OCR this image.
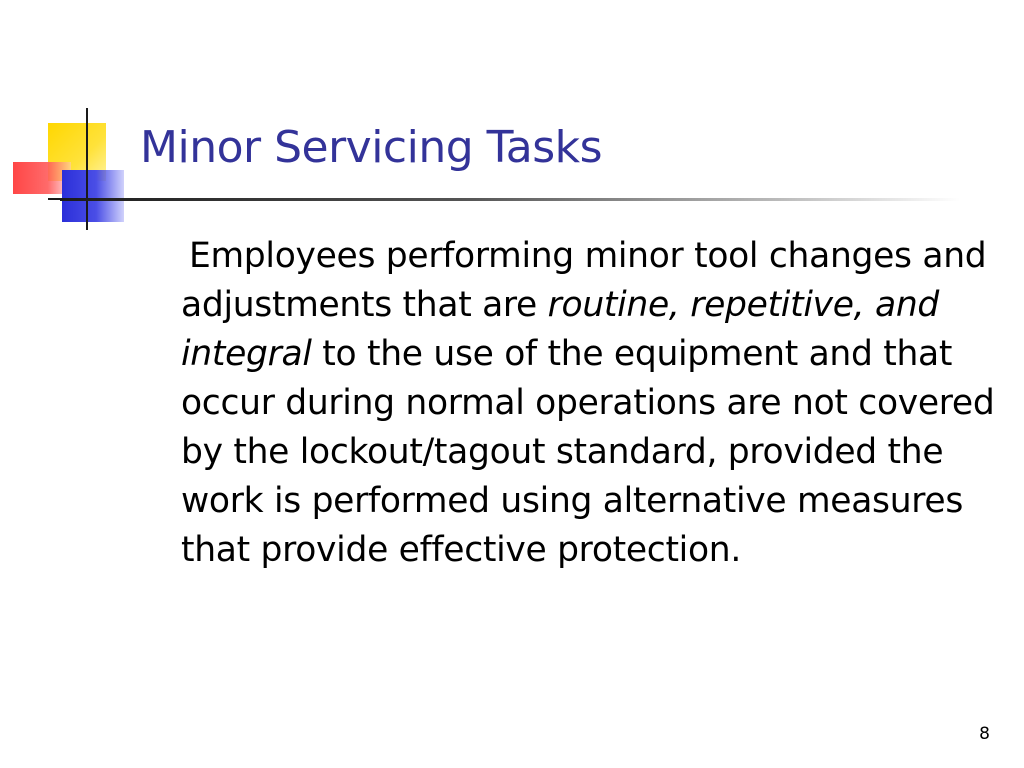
Minor Servicing Tasks
Employees performing minor tool changes and adjustments that are routine, repetitive, and integral to the use of the equipment and that occur during normal operations are not covered by the lockout/tagout standard, provided the work is performed using alternative measures that provide effective protection.
8
